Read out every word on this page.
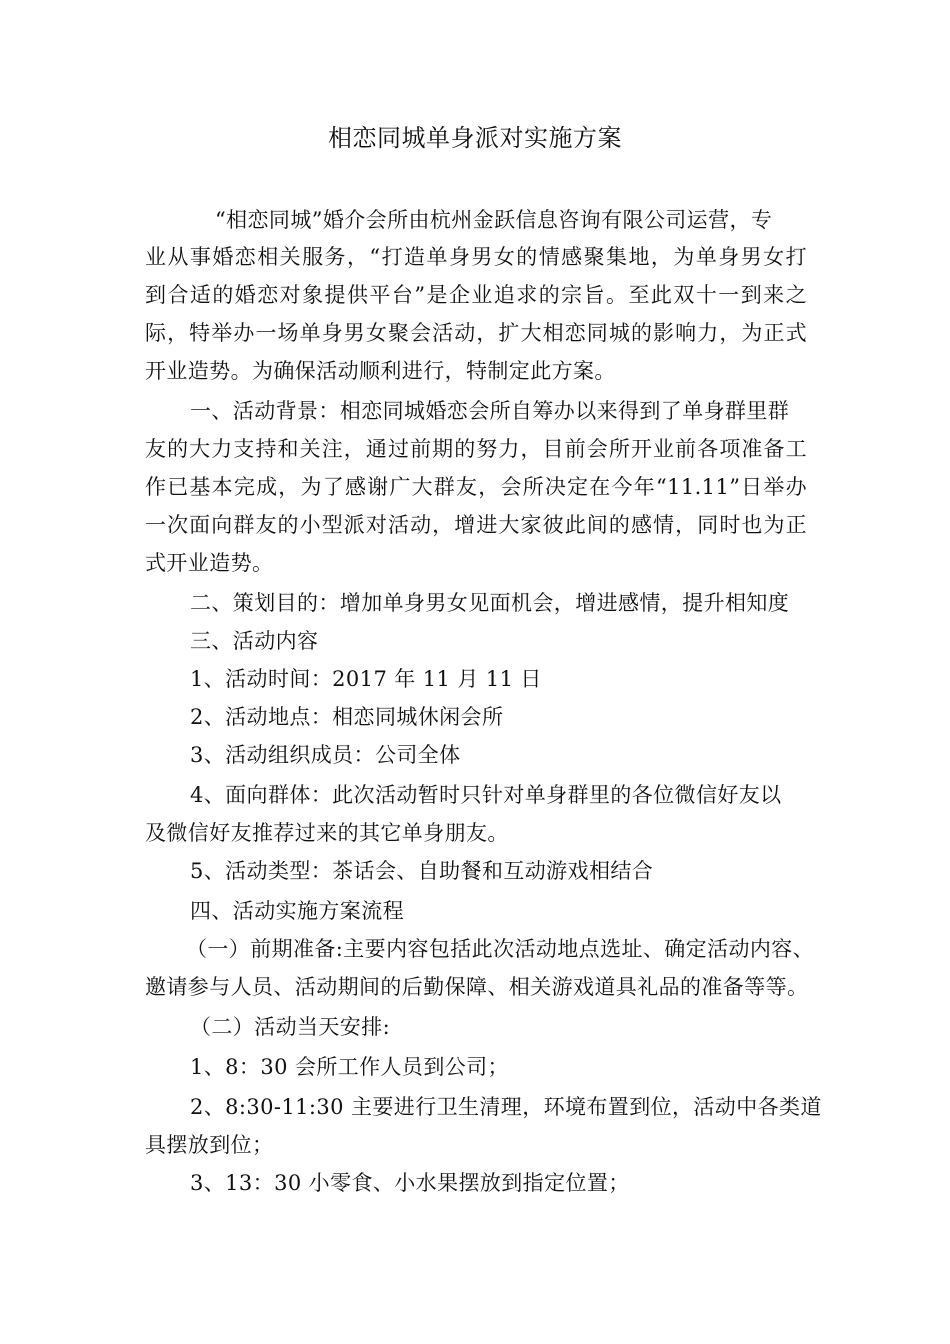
相恋同城单身派对实施方案
“相恋同城”婚介会所由杭州金跃信息咨询有限公司运营，专
业从事婚恋相关服务，“打造单身男女的情感聚集地，为单身男女打
到合适的婚恋对象提供平台”是企业追求的宗旨。至此双十一到来之
际，特举办一场单身男女聚会活动，扩大相恋同城的影响力，为正式
开业造势。为确保活动顺利进行，特制定此方案。
一、活动背景：相恋同城婚恋会所自筹办以来得到了单身群里群
友的大力支持和关注，通过前期的努力，目前会所开业前各项准备工
作已基本完成，为了感谢广大群友，会所决定在今年“11.11”日举办
一次面向群友的小型派对活动，增进大家彼此间的感情，同时也为正
式开业造势。
二、策划目的：增加单身男女见面机会，增进感情，提升相知度
三、活动内容
1、活动时间：2017 年 11 月 11 日
2、活动地点：相恋同城休闲会所
3、活动组织成员：公司全体
4、面向群体：此次活动暂时只针对单身群里的各位微信好友以
及微信好友推荐过来的其它单身朋友。
5、活动类型：茶话会、自助餐和互动游戏相结合
四、活动实施方案流程
（一）前期准备:主要内容包括此次活动地点选址、确定活动内容、
邀请参与人员、活动期间的后勤保障、相关游戏道具礼品的准备等等。
（二）活动当天安排:
1、8：30 会所工作人员到公司；
2、8:30-11:30 主要进行卫生清理，环境布置到位，活动中各类道
具摆放到位；
3、13：30 小零食、小水果摆放到指定位置；
